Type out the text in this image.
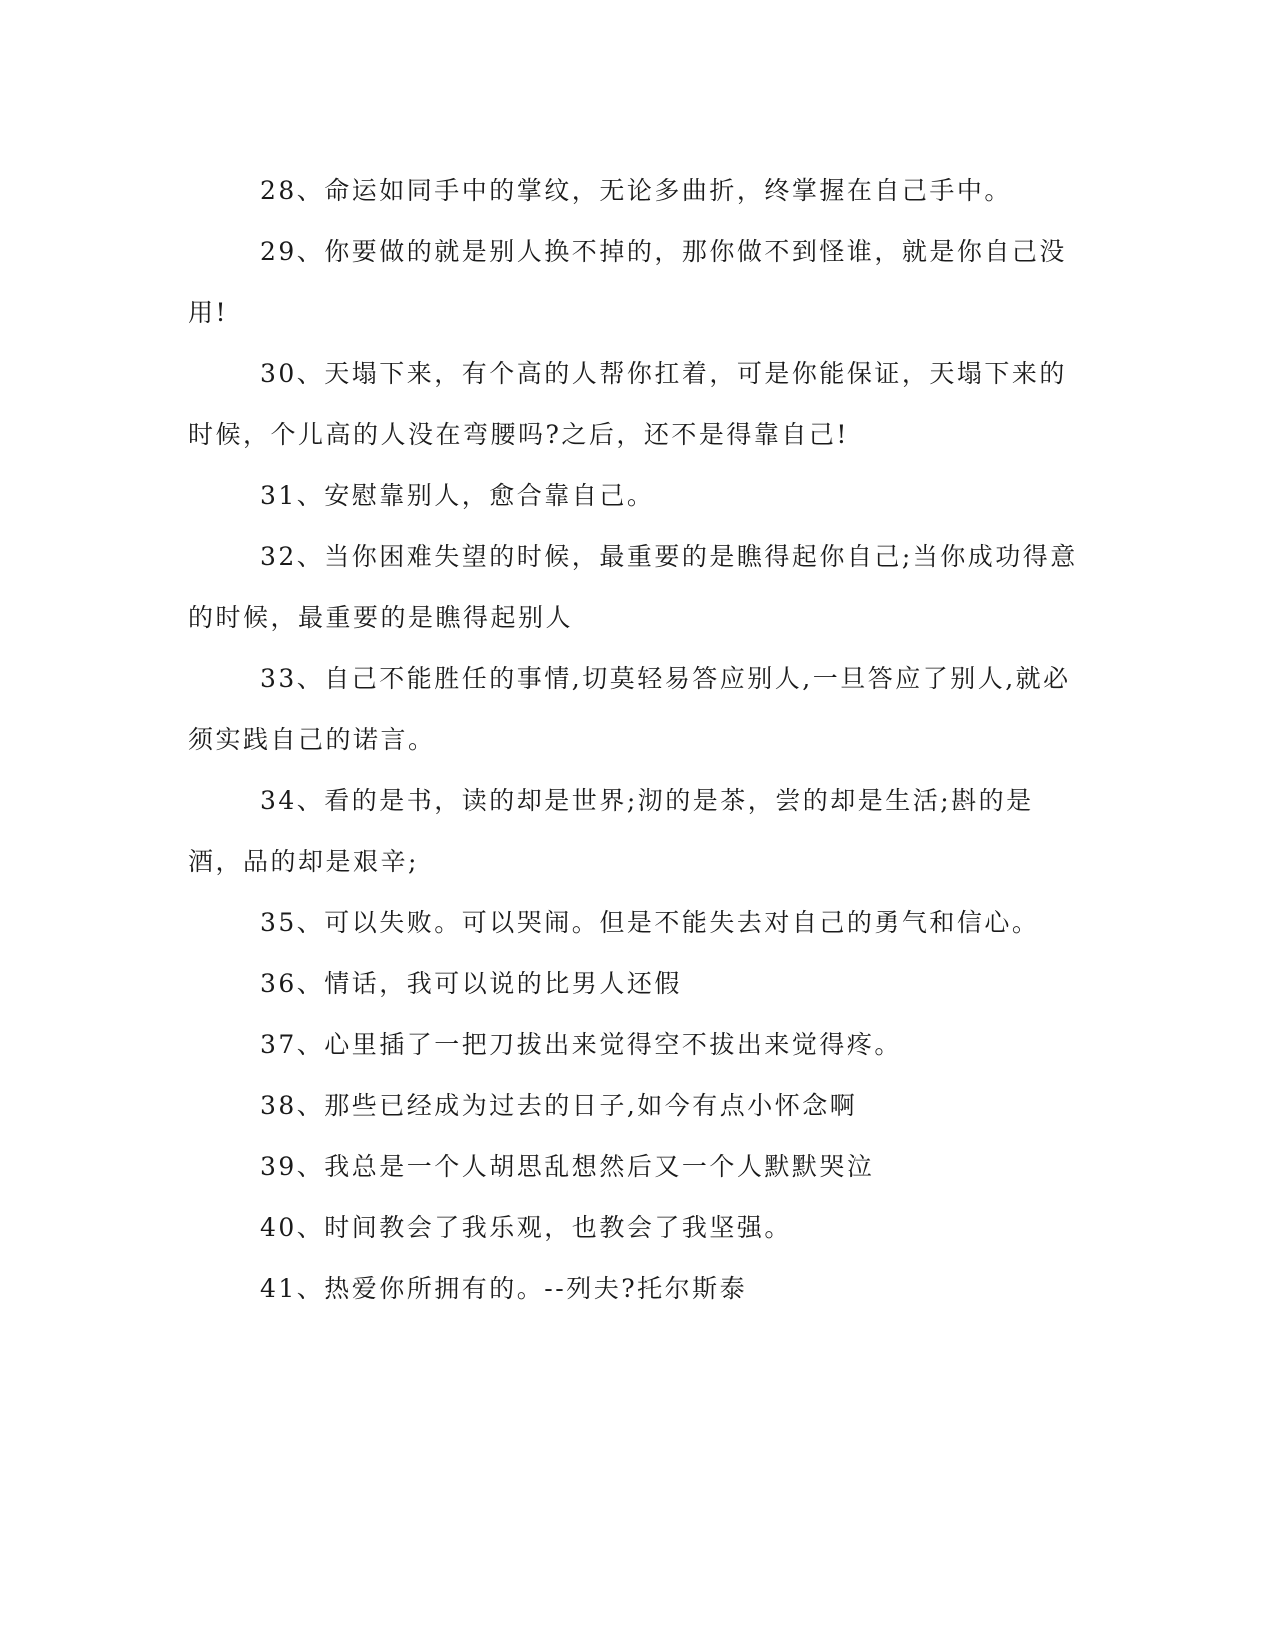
28、命运如同手中的掌纹，无论多曲折，终掌握在自己手中。

29、你要做的就是别人换不掉的，那你做不到怪谁，就是你自己没用!

30、天塌下来，有个高的人帮你扛着，可是你能保证，天塌下来的时候，个儿高的人没在弯腰吗?之后，还不是得靠自己!

31、安慰靠别人，愈合靠自己。

32、当你困难失望的时候，最重要的是瞧得起你自己;当你成功得意的时候，最重要的是瞧得起别人

33、自己不能胜任的事情,切莫轻易答应别人,一旦答应了别人,就必须实践自己的诺言。

34、看的是书，读的却是世界;沏的是茶，尝的却是生活;斟的是酒，品的却是艰辛;

35、可以失败。可以哭闹。但是不能失去对自己的勇气和信心。

36、情话，我可以说的比男人还假

37、心里插了一把刀拔出来觉得空不拔出来觉得疼。

38、那些已经成为过去的日子,如今有点小怀念啊

39、我总是一个人胡思乱想然后又一个人默默哭泣

40、时间教会了我乐观，也教会了我坚强。

41、热爱你所拥有的。--列夫?托尔斯泰
